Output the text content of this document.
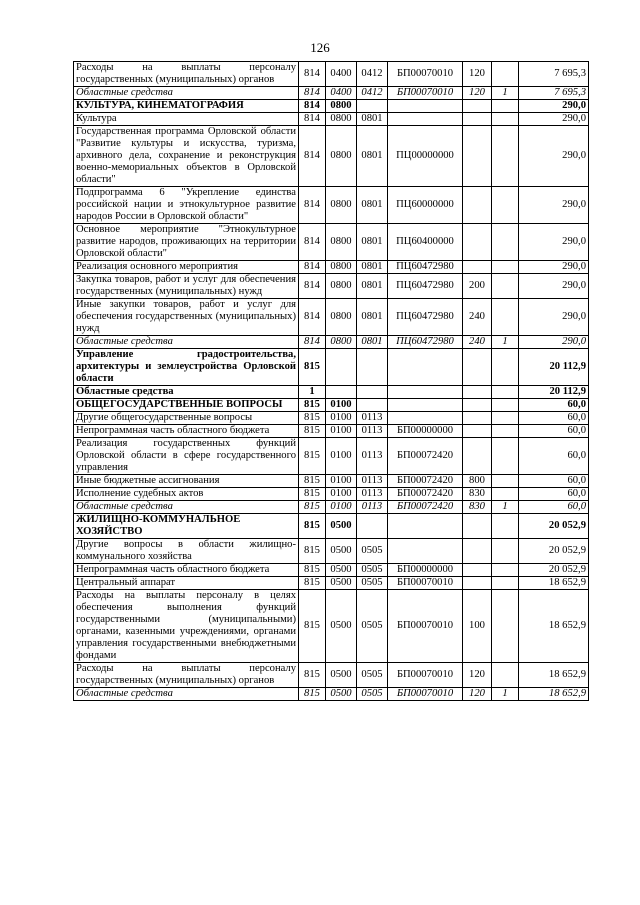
126
Расходы на выплаты персоналу государственных (муниципальных) органов	814	0400	0412	БП00070010	120		7 695,3
Областные средства	814	0400	0412	БП00070010	120	1	7 695,3
КУЛЬТУРА, КИНЕМАТОГРАФИЯ	814	0800					290,0
Культура	814	0800	0801				290,0
Государственная программа Орловской области "Развитие культуры и искусства, туризма, архивного дела, сохранение и реконструкция военно-мемориальных объектов в Орловской области"	814	0800	0801	ПЦ00000000			290,0
Подпрограмма 6 "Укрепление единства российской нации и этнокультурное развитие народов России в Орловской области"	814	0800	0801	ПЦ60000000			290,0
Основное мероприятие "Этнокультурное развитие народов, проживающих на территории Орловской области"	814	0800	0801	ПЦ60400000			290,0
Реализация основного мероприятия	814	0800	0801	ПЦ60472980			290,0
Закупка товаров, работ и услуг для обеспечения государственных (муниципальных) нужд	814	0800	0801	ПЦ60472980	200		290,0
Иные закупки товаров, работ и услуг для обеспечения государственных (муниципальных) нужд	814	0800	0801	ПЦ60472980	240		290,0
Областные средства	814	0800	0801	ПЦ60472980	240	1	290,0
Управление градостроительства, архитектуры и землеустройства Орловской области	815						20 112,9
Областные средства	1						20 112,9
ОБЩЕГОСУДАРСТВЕННЫЕ ВОПРОСЫ	815	0100					60,0
Другие общегосударственные вопросы	815	0100	0113				60,0
Непрограммная часть областного бюджета	815	0100	0113	БП00000000			60,0
Реализация государственных функций Орловской области в сфере государственного управления	815	0100	0113	БП00072420			60,0
Иные бюджетные ассигнования	815	0100	0113	БП00072420	800		60,0
Исполнение судебных актов	815	0100	0113	БП00072420	830		60,0
Областные средства	815	0100	0113	БП00072420	830	1	60,0
ЖИЛИЩНО-КОММУНАЛЬНОЕ ХОЗЯЙСТВО	815	0500					20 052,9
Другие вопросы в области жилищно-коммунального хозяйства	815	0500	0505				20 052,9
Непрограммная часть областного бюджета	815	0500	0505	БП00000000			20 052,9
Центральный аппарат	815	0500	0505	БП00070010			18 652,9
Расходы на выплаты персоналу в целях обеспечения выполнения функций государственными (муниципальными) органами, казенными учреждениями, органами управления государственными внебюджетными фондами	815	0500	0505	БП00070010	100		18 652,9
Расходы на выплаты персоналу государственных (муниципальных) органов	815	0500	0505	БП00070010	120		18 652,9
Областные средства	815	0500	0505	БП00070010	120	1	18 652,9
